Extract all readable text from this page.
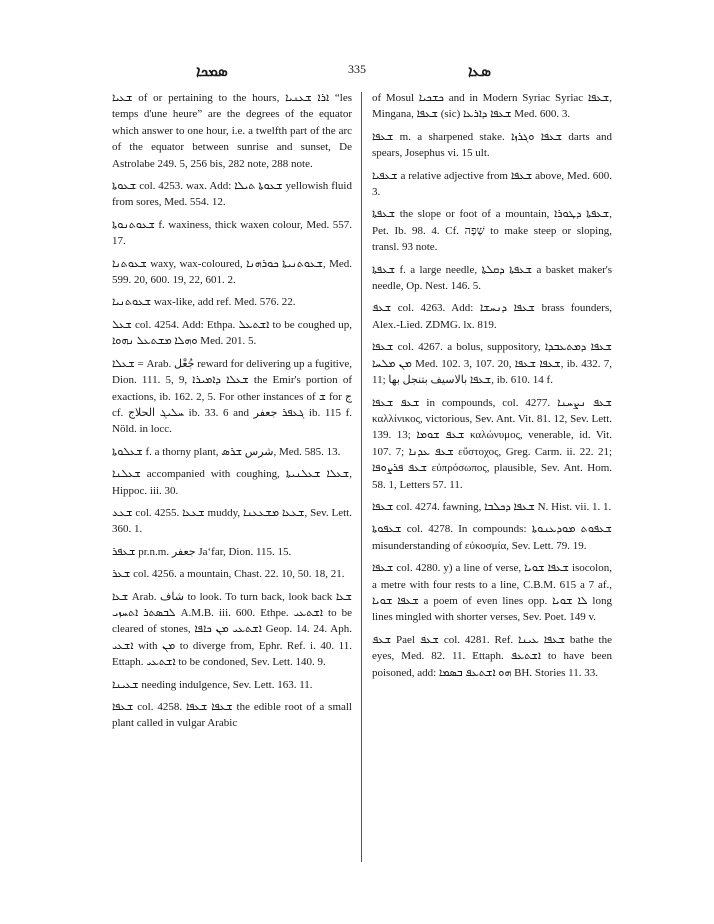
ܣܡܟܐ	335	ܣܥܐ

ܫܥܝܐ of or pertaining to the hours, ܐܪܐ ܫܥܢܝܐ “les temps d'une heure” are the degrees of the equator which answer to one hour, i.e. a twelfth part of the arc of the equator between sunrise and sunset, De Astrolabe 249. 5, 256 bis, 282 note, 288 note.

ܫܥܘܬܐ col. 4253. wax. Add: ܫܥܘܬܐ ܬܝܠܐ yellowish fluid from sores, Med. 554. 12.

ܫܥܘܬܢܘܬܐ f. waxiness, thick waxen colour, Med. 557. 17.

ܫܥܘܬܢܐ waxy, wax-coloured, ܫܥܘܬܢܝܬܐ ܟܘܪܗܢܐ, Med. 599. 20, 600. 19, 22, 601. 2.

ܫܥܘܬܢܝܐ wax-like, add ref. Med. 576. 22.

ܫܥܠ col. 4254. Add: Ethpa. ܐܫܬܥܠ to be coughed up, ܘܗܠܐ ܡܫܬܥܠ ܢܗܘܐ Med. 201. 5.

ܫܥܠܐ = Arab. جُعْل reward for delivering up a fugitive, Dion. 111. 5, 9, ܫܥܠܐ ܕܐܡܝܪܐ the Emir's portion of exactions, ib. 162. 2, 5. For other instances of ܫ for ج cf. ܚܠܝܓ الحلاج ib. 33. 6 and ܓܥܦܪ جعفر ib. 115 f. Nöld. in locc.

ܫܥܠܘܬܐ f. a thorny plant, شرس ܫܪܣ, Med. 585. 13.

ܫܥܠܢܐ accompanied with coughing, ܫܥܠܐ ܫܥܠܢܝܬܐ, Hippoc. iii. 30.

ܫܥܥ col. 4255. ܫܥܥܐ muddy, ܫܥܥܐ ܡܫܥܥܢܐ, Sev. Lett. 360. 1.

ܫܥܦܪ pr.n.m. جعفر Ja‘far, Dion. 115. 15.

ܫܥܪ col. 4256. a mountain, Chast. 22. 10, 50. 18, 21.

ܫܥܐ Arab. شاف to look. To turn back, look back ܫܥܐ ܠܒܣܬܪ ܐܬܚܙܝ A.M.B. iii. 600. Ethpe. ܐܫܬܥܝ to be cleared of stones, ܐܫܬܥܝ ܡܢ ܟܐܦܐ Geop. 14. 24. Aph. ܐܫܥܝ with ܡܢ to diverge from, Ephr. Ref. i. 40. 11. Ettaph. ܐܫܬܥܝ to be condoned, Sev. Lett. 140. 9.

ܫܥܝܢܐ needing indulgence, Sev. Lett. 163. 11.

ܫܥܦܐ col. 4258. ܫܥܦܐ ܫܥܦܐ the edible root of a small plant called in vulgar Arabic

of Mosul ܟܫܟܝܐ and in Modern Syriac Syriac ܫܥܦܐ, Mingana, ܫܥܦܐ (sic) ܫܥܦܐ ܕܐܪܥܐ Med. 600. 3.

ܫܥܦܐ m. a sharpened stake. ܫܥܦܐ ܘܓܪܙܐ darts and spears, Josephus vi. 15 ult.

ܫܥܦܝܐ a relative adjective from ܫܥܦܐ above, Med. 600. 3.

ܫܥܦܬܐ the slope or foot of a mountain, ܫܥܦܬܐ ܕܛܘܪܐ, Pet. Ib. 98. 4. Cf. שָׁפָה to make steep or sloping, transl. 93 note.

ܫܥܦܬܐ f. a large needle, ܫܥܦܬܐ ܕܩܠܬܐ a basket maker's needle, Op. Nest. 146. 5.

ܫܥܦ col. 4263. Add: ܫܥܦܐ ܕܢܚܫܐ brass founders, Alex.-Lied. ZDMG. lx. 819.

ܫܥܦܐ col. 4267. a bolus, suppository, ܫܥܦܐ ܕܡܬܥܒܕܐ ܡܢ ܡܠܚܐ Med. 102. 3, 107. 20, ܫܥܦܐ ܫܥܦܐ, ib. 432. 7, 11; ܫܥܦܐ بالاسيف بتنجل بها, ib. 610. 14 f.

ܫܥܦ ܫܥܦܐ in compounds, col. 4277. ܫܥܦ ܢܨܚܢܐ καλλίνικος, victorious, Sev. Ant. Vit. 81. 12, Sev. Lett. 139. 13; ܫܥܦ ܫܘܡܐ καλώνυμος, venerable, id. Vit. 107. 7; ܫܥܦ ܥܕܢܐ εὔστοχος, Greg. Carm. ii. 22. 21; ܫܥܦ ܦܪܨܘܦܐ εὐπρόσωπος, plausible, Sev. Ant. Hom. 58. 1, Letters 57. 11.

ܫܥܦܐ col. 4274. fawning, ܫܥܦܐ ܕܟܠܒܐ N. Hist. vii. 1. 1.

ܫܥܦܘܬܐ col. 4278. In compounds: ܫܥܦܘܬ ܡܘܕܥܢܘܬܐ misunderstanding of εὐκοσμία, Sev. Lett. 79. 19.

ܫܥܦܐ col. 4280. y) a line of verse, ܫܥܦܐ ܫܘܝܐ isocolon, a metre with four rests to a line, C.B.M. 615 a 7 af., ܫܥܦܐ ܫܘܝܐ a poem of even lines opp. ܠܐ ܫܘܝܐ long lines mingled with shorter verses, Sev. Poet. 149 v.

ܫܥܦ Pael ܫܥܦ col. 4281. Ref. ܫܥܦܐ ܥܝܢܐ bathe the eyes, Med. 82. 11. Ettaph. ܐܫܬܥܦ to have been poisoned, add: ܗܘ ܐܫܬܥܦ ܒܣܡܐ BH. Stories 11. 33.
